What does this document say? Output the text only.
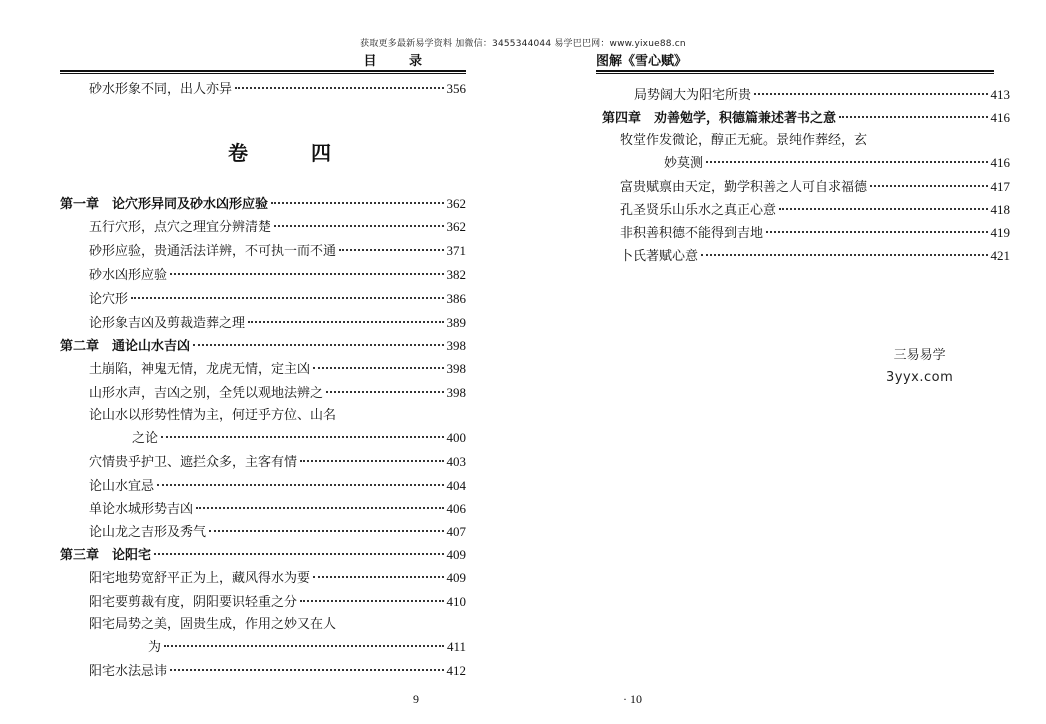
获取更多最新易学资料 加微信：3455344044 易学巴巴网：www.yixue88.cn
目 录
卷 四
砂水形象不同，出人亦异	356
第一章　论穴形异同及砂水凶形应验	362
五行穴形，点穴之理宜分辨清楚	362
砂形应验，贵通活法详辨，不可执一而不通	371
砂水凶形应验	382
论穴形	386
论形象吉凶及剪裁造葬之理	389
第二章　通论山水吉凶	398
土崩陷，神鬼无情，龙虎无情，定主凶	398
山形水声，吉凶之别，全凭以观地法辨之	398
论山水以形势性情为主，何迂乎方位、山名
之论	400
穴情贵乎护卫、遮拦众多，主客有情	403
论山水宜忌	404
单论水城形势吉凶	406
论山龙之吉形及秀气	407
第三章　论阳宅	409
阳宅地势宽舒平正为上，藏风得水为要	409
阳宅要剪裁有度，阴阳要识轻重之分	410
阳宅局势之美，固贵生成，作用之妙又在人
为	411
阳宅水法忌讳	412
9
图解《雪心赋》
局势阔大为阳宅所贵	413
第四章　劝善勉学，积德篇兼述著书之意	416
牧堂作发微论，醇正无疵。景纯作葬经，玄
妙莫测	416
富贵赋禀由天定，勤学积善之人可自求福德	417
孔圣贤乐山乐水之真正心意	418
非积善积德不能得到吉地	419
卜氏著赋心意	421
三易易学
3yyx.com
· 10
